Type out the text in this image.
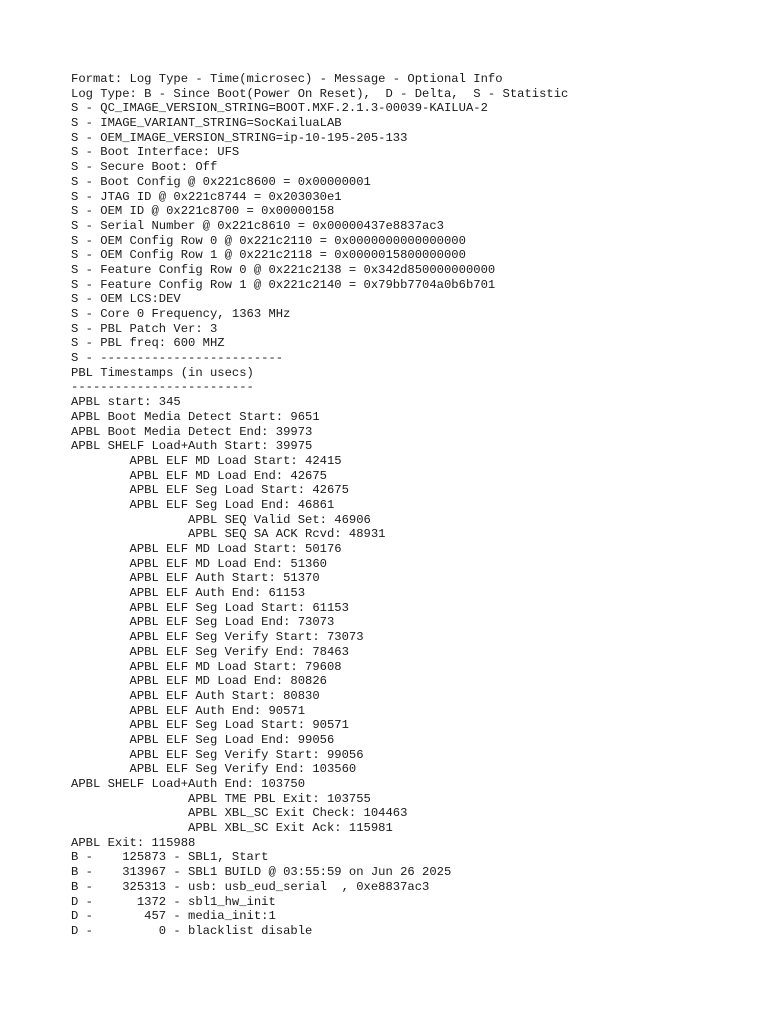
Format: Log Type - Time(microsec) - Message - Optional Info
Log Type: B - Since Boot(Power On Reset),  D - Delta,  S - Statistic
S - QC_IMAGE_VERSION_STRING=BOOT.MXF.2.1.3-00039-KAILUA-2
S - IMAGE_VARIANT_STRING=SocKailuaLAB
S - OEM_IMAGE_VERSION_STRING=ip-10-195-205-133
S - Boot Interface: UFS
S - Secure Boot: Off
S - Boot Config @ 0x221c8600 = 0x00000001
S - JTAG ID @ 0x221c8744 = 0x203030e1
S - OEM ID @ 0x221c8700 = 0x00000158
S - Serial Number @ 0x221c8610 = 0x00000437e8837ac3
S - OEM Config Row 0 @ 0x221c2110 = 0x0000000000000000
S - OEM Config Row 1 @ 0x221c2118 = 0x0000015800000000
S - Feature Config Row 0 @ 0x221c2138 = 0x342d850000000000
S - Feature Config Row 1 @ 0x221c2140 = 0x79bb7704a0b6b701
S - OEM LCS:DEV
S - Core 0 Frequency, 1363 MHz
S - PBL Patch Ver: 3
S - PBL freq: 600 MHZ
S - -------------------------
PBL Timestamps (in usecs)
-------------------------
APBL start: 345
APBL Boot Media Detect Start: 9651
APBL Boot Media Detect End: 39973
APBL SHELF Load+Auth Start: 39975
APBL ELF MD Load Start: 42415
APBL ELF MD Load End: 42675
APBL ELF Seg Load Start: 42675
APBL ELF Seg Load End: 46861
APBL SEQ Valid Set: 46906
APBL SEQ SA ACK Rcvd: 48931
APBL ELF MD Load Start: 50176
APBL ELF MD Load End: 51360
APBL ELF Auth Start: 51370
APBL ELF Auth End: 61153
APBL ELF Seg Load Start: 61153
APBL ELF Seg Load End: 73073
APBL ELF Seg Verify Start: 73073
APBL ELF Seg Verify End: 78463
APBL ELF MD Load Start: 79608
APBL ELF MD Load End: 80826
APBL ELF Auth Start: 80830
APBL ELF Auth End: 90571
APBL ELF Seg Load Start: 90571
APBL ELF Seg Load End: 99056
APBL ELF Seg Verify Start: 99056
APBL ELF Seg Verify End: 103560
APBL SHELF Load+Auth End: 103750
APBL TME PBL Exit: 103755
APBL XBL_SC Exit Check: 104463
APBL XBL_SC Exit Ack: 115981
APBL Exit: 115988
B -    125873 - SBL1, Start
B -    313967 - SBL1 BUILD @ 03:55:59 on Jun 26 2025
B -    325313 - usb: usb_eud_serial  , 0xe8837ac3
D -      1372 - sbl1_hw_init
D -       457 - media_init:1
D -         0 - blacklist disable
